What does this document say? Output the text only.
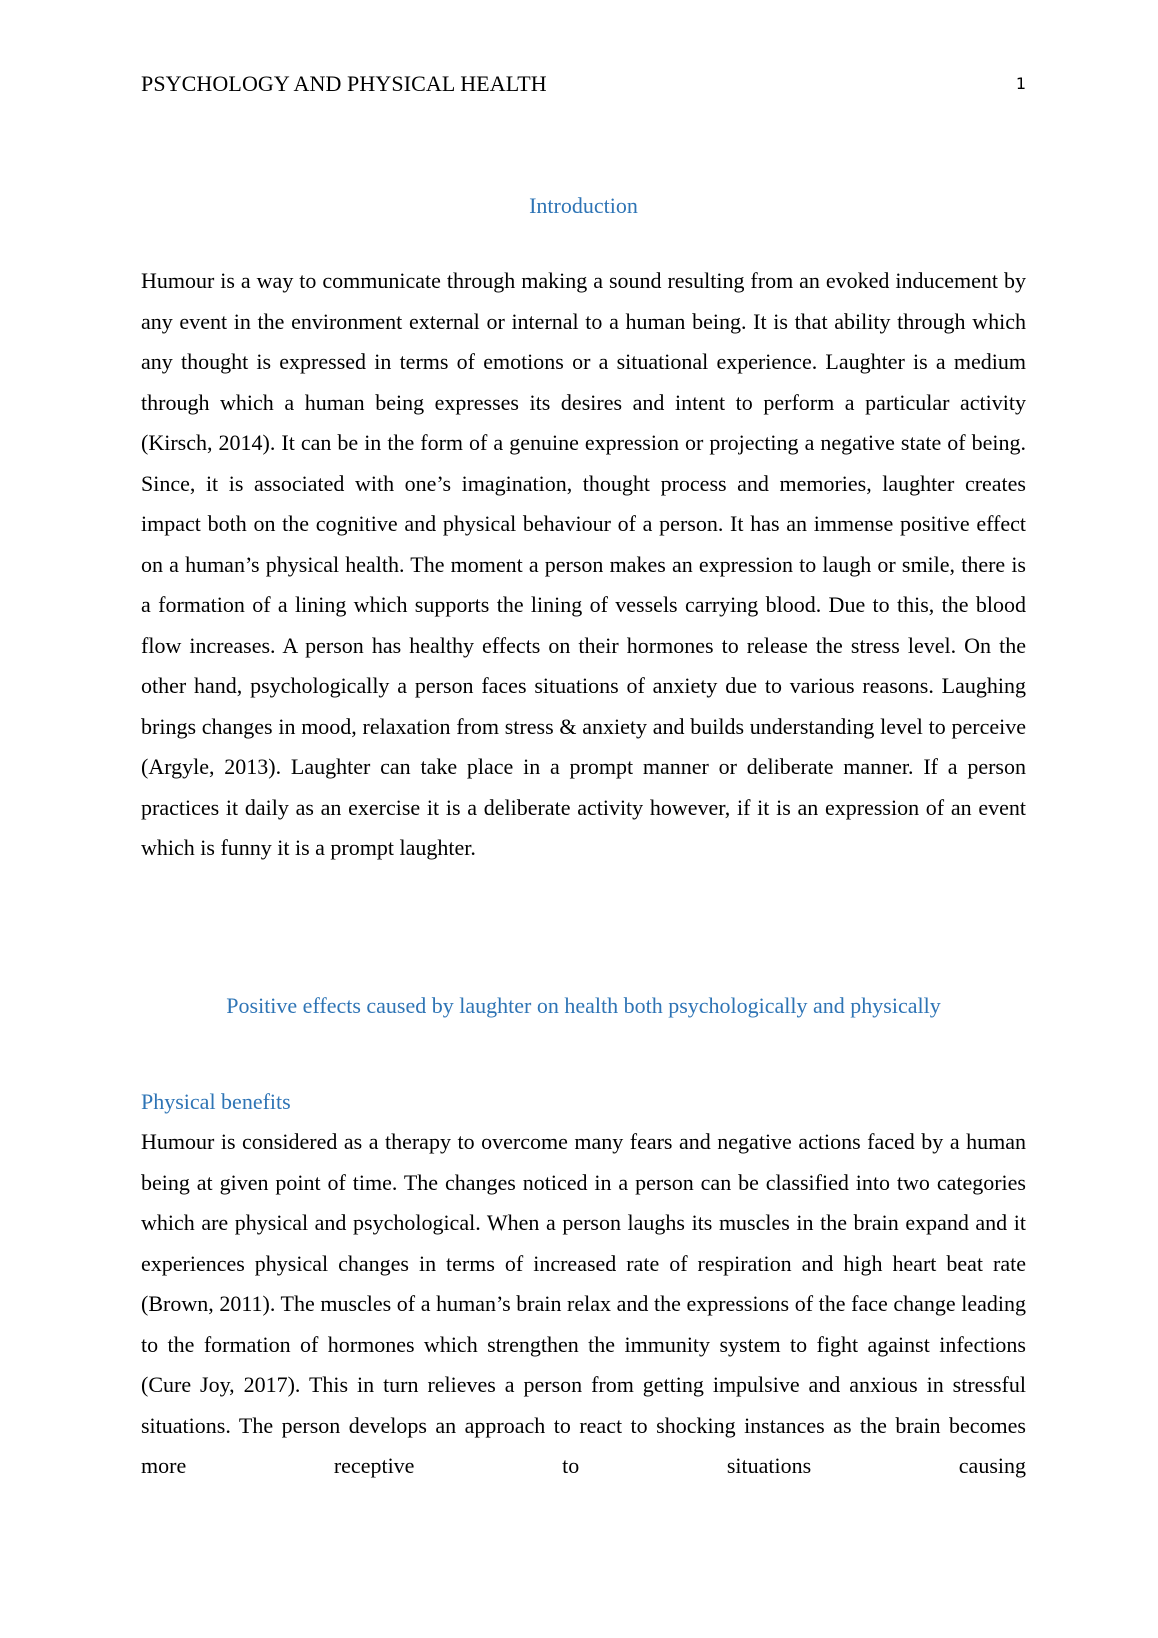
PSYCHOLOGY AND PHYSICAL HEALTH	1
Introduction

Humour is a way to communicate through making a sound resulting from an evoked inducement by any event in the environment external or internal to a human being. It is that ability through which any thought is expressed in terms of emotions or a situational experience. Laughter is a medium through which a human being expresses its desires and intent to perform a particular activity (Kirsch, 2014). It can be in the form of a genuine expression or projecting a negative state of being. Since, it is associated with one’s imagination, thought process and memories, laughter creates impact both on the cognitive and physical behaviour of a person. It has an immense positive effect on a human’s physical health. The moment a person makes an expression to laugh or smile, there is a formation of a lining which supports the lining of vessels carrying blood. Due to this, the blood flow increases. A person has healthy effects on their hormones to release the stress level. On the other hand, psychologically a person faces situations of anxiety due to various reasons. Laughing brings changes in mood, relaxation from stress & anxiety and builds understanding level to perceive (Argyle, 2013). Laughter can take place in a prompt manner or deliberate manner. If a person practices it daily as an exercise it is a deliberate activity however, if it is an expression of an event which is funny it is a prompt laughter.

Positive effects caused by laughter on health both psychologically and physically
Physical benefits

Humour is considered as a therapy to overcome many fears and negative actions faced by a human being at given point of time. The changes noticed in a person can be classified into two categories which are physical and psychological. When a person laughs its muscles in the brain expand and it experiences physical changes in terms of increased rate of respiration and high heart beat rate (Brown, 2011). The muscles of a human’s brain relax and the expressions of the face change leading to the formation of hormones which strengthen the immunity system to fight against infections (Cure Joy, 2017). This in turn relieves a person from getting impulsive and anxious in stressful situations. The person develops an approach to react to shocking instances as the brain becomes more receptive to situations causing
